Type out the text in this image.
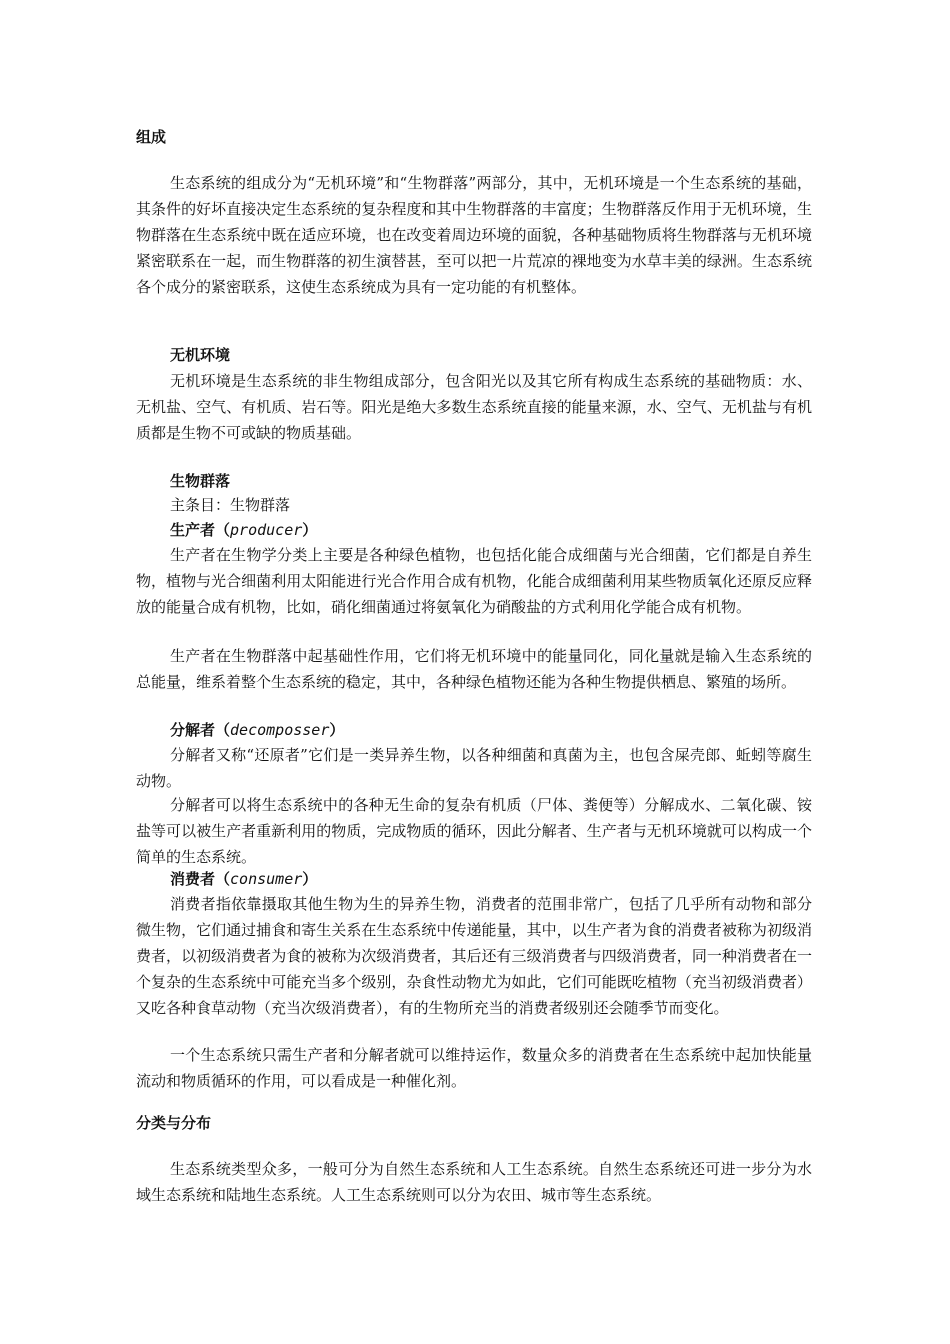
组成

生态系统的组成分为“无机环境”和“生物群落”两部分，其中，无机环境是一个生态系统的基础，其条件的好坏直接决定生态系统的复杂程度和其中生物群落的丰富度；生物群落反作用于无机环境，生物群落在生态系统中既在适应环境，也在改变着周边环境的面貌，各种基础物质将生物群落与无机环境紧密联系在一起，而生物群落的初生演替甚，至可以把一片荒凉的裸地变为水草丰美的绿洲。生态系统各个成分的紧密联系，这使生态系统成为具有一定功能的有机整体。

无机环境

无机环境是生态系统的非生物组成部分，包含阳光以及其它所有构成生态系统的基础物质：水、无机盐、空气、有机质、岩石等。阳光是绝大多数生态系统直接的能量来源，水、空气、无机盐与有机质都是生物不可或缺的物质基础。

生物群落
主条目：生物群落
生产者（producer）

生产者在生物学分类上主要是各种绿色植物，也包括化能合成细菌与光合细菌，它们都是自养生物，植物与光合细菌利用太阳能进行光合作用合成有机物，化能合成细菌利用某些物质氧化还原反应释放的能量合成有机物，比如，硝化细菌通过将氨氧化为硝酸盐的方式利用化学能合成有机物。

生产者在生物群落中起基础性作用，它们将无机环境中的能量同化，同化量就是输入生态系统的总能量，维系着整个生态系统的稳定，其中，各种绿色植物还能为各种生物提供栖息、繁殖的场所。

分解者（decomposser）

分解者又称“还原者”它们是一类异养生物，以各种细菌和真菌为主，也包含屎壳郎、蚯蚓等腐生动物。

分解者可以将生态系统中的各种无生命的复杂有机质（尸体、粪便等）分解成水、二氧化碳、铵盐等可以被生产者重新利用的物质，完成物质的循环，因此分解者、生产者与无机环境就可以构成一个简单的生态系统。

消费者（consumer）

消费者指依靠摄取其他生物为生的异养生物，消费者的范围非常广，包括了几乎所有动物和部分微生物，它们通过捕食和寄生关系在生态系统中传递能量，其中，以生产者为食的消费者被称为初级消费者，以初级消费者为食的被称为次级消费者，其后还有三级消费者与四级消费者，同一种消费者在一个复杂的生态系统中可能充当多个级别，杂食性动物尤为如此，它们可能既吃植物（充当初级消费者）又吃各种食草动物（充当次级消费者），有的生物所充当的消费者级别还会随季节而变化。

一个生态系统只需生产者和分解者就可以维持运作，数量众多的消费者在生态系统中起加快能量流动和物质循环的作用，可以看成是一种催化剂。

分类与分布

生态系统类型众多，一般可分为自然生态系统和人工生态系统。自然生态系统还可进一步分为水域生态系统和陆地生态系统。人工生态系统则可以分为农田、城市等生态系统。
